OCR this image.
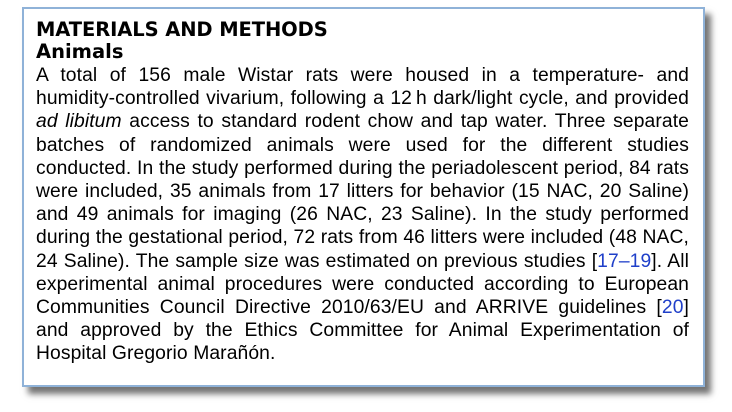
MATERIALS AND METHODS
Animals

A total of 156 male Wistar rats were housed in a temperature- and humidity-controlled vivarium, following a 12 h dark/light cycle, and provided ad libitum access to standard rodent chow and tap water. Three separate batches of randomized animals were used for the different studies conducted. In the study performed during the periadolescent period, 84 rats were included, 35 animals from 17 litters for behavior (15 NAC, 20 Saline) and 49 animals for imaging (26 NAC, 23 Saline). In the study performed during the gestational period, 72 rats from 46 litters were included (48 NAC, 24 Saline). The sample size was estimated on previous studies [17–19]. All experimental animal procedures were conducted according to European Communities Council Directive 2010/63/EU and ARRIVE guidelines [20] and approved by the Ethics Committee for Animal Experimentation of Hospital Gregorio Marañón.
